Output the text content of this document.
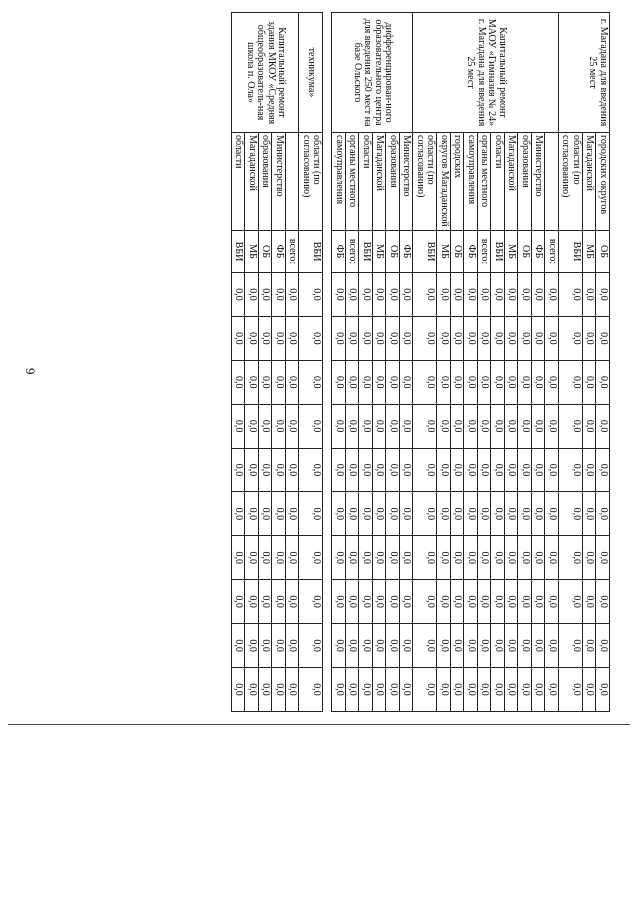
9
г. Магадана для введения 25 мест	городских округов	ОБ	0,0	0,0	0,0	0,0	0,0	0,0	0,0	0,0	0,0	0,0
	Магаданской	МБ	0,0	0,0	0,0	0,0	0,0	0,0	0,0	0,0	0,0	0,0
	области (по согласованию)	ВБИ	0,0	0,0	0,0	0,0	0,0	0,0	0,0	0,0	0,0	0,0
Капитальный ремонт МАОУ «Гимназия № 24» г. Магадана для введения 25 мест		всего:	0,0	0,0	0,0	0,0	0,0	0,0	0,0	0,0	0,0	0,0
	Министерство	ФБ	0,0	0,0	0,0	0,0	0,0	0,0	0,0	0,0	0,0	0,0
	образования	ОБ	0,0	0,0	0,0	0,0	0,0	0,0	0,0	0,0	0,0	0,0
	Магаданской	МБ	0,0	0,0	0,0	0,0	0,0	0,0	0,0	0,0	0,0	0,0
	области	ВБИ	0,0	0,0	0,0	0,0	0,0	0,0	0,0	0,0	0,0	0,0
	органы местного	всего:	0,0	0,0	0,0	0,0	0,0	0,0	0,0	0,0	0,0	0,0
	самоуправления	ФБ	0,0	0,0	0,0	0,0	0,0	0,0	0,0	0,0	0,0	0,0
	городских	ОБ	0,0	0,0	0,0	0,0	0,0	0,0	0,0	0,0	0,0	0,0
	округов Магаданской	МБ	0,0	0,0	0,0	0,0	0,0	0,0	0,0	0,0	0,0	0,0
	области (по согласованию)	ВБИ	0,0	0,0	0,0	0,0	0,0	0,0	0,0	0,0	0,0	0,0
дифференцирован-ного образовательного центра для введения 250 мест на базе Ольского	Министерство	ФБ	0,0	0,0	0,0	0,0	0,0	0,0	0,0	0,0	0,0	0,0
	образования	ОБ	0,0	0,0	0,0	0,0	0,0	0,0	0,0	0,0	0,0	0,0
	Магаданской	МБ	0,0	0,0	0,0	0,0	0,0	0,0	0,0	0,0	0,0	0,0
	области	ВБИ	0,0	0,0	0,0	0,0	0,0	0,0	0,0	0,0	0,0	0,0
	органы местного	всего:	0,0	0,0	0,0	0,0	0,0	0,0	0,0	0,0	0,0	0,0
	самоуправления	ФБ	0,0	0,0	0,0	0,0	0,0	0,0	0,0	0,0	0,0	0,0

техникума»	области (по согласованию)	ВБИ	0,0	0,0	0,0	0,0	0,0	0,0	0,0	0,0	0,0	0,0
Капитальный ремонт здания МКОУ «Средняя общеобразователь-ная школа п. Ола»		всего:	0,0	0,0	0,0	0,0	0,0	0,0	0,0	0,0	0,0	0,0
	Министерство	ФБ	0,0	0,0	0,0	0,0	0,0	0,0	0,0	0,0	0,0	0,0
	образования	ОБ	0,0	0,0	0,0	0,0	0,0	0,0	0,0	0,0	0,0	0,0
	Магаданской	МБ	0,0	0,0	0,0	0,0	0,0	0,0	0,0	0,0	0,0	0,0
	области	ВБИ	0,0	0,0	0,0	0,0	0,0	0,0	0,0	0,0	0,0	0,0
